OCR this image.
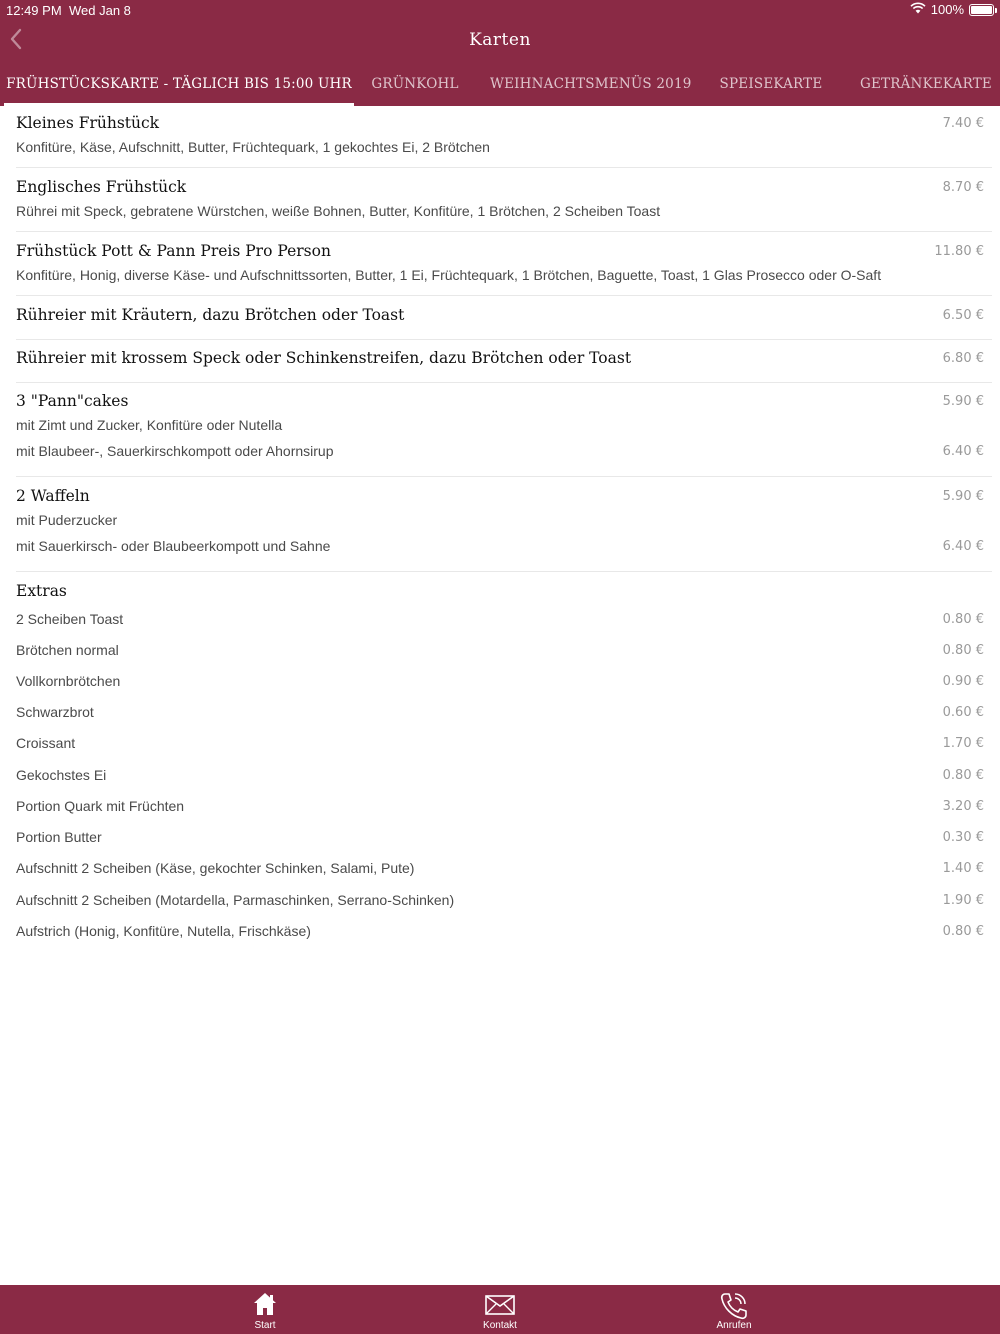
12:49 PM Wed Jan 8	100%
Karten
FRÜHSTÜCKSKARTE - TÄGLICH BIS 15:00 UHR	GRÜNKOHL	WEIHNACHTSMENÜS 2019	SPEISEKARTE	GETRÄNKEKARTE
Kleines Frühstück	7.40 €
Konfitüre, Käse, Aufschnitt, Butter, Früchtequark, 1 gekochtes Ei, 2 Brötchen
Englisches Frühstück	8.70 €
Rührei mit Speck, gebratene Würstchen, weiße Bohnen, Butter, Konfitüre, 1 Brötchen, 2 Scheiben Toast
Frühstück Pott & Pann Preis Pro Person	11.80 €
Konfitüre, Honig, diverse Käse- und Aufschnittssorten, Butter, 1 Ei, Früchtequark, 1 Brötchen, Baguette, Toast, 1 Glas Prosecco oder O-Saft
Rühreier mit Kräutern, dazu Brötchen oder Toast	6.50 €
Rühreier mit krossem Speck oder Schinkenstreifen, dazu Brötchen oder Toast	6.80 €
3 "Pann"cakes	5.90 €
mit Zimt und Zucker, Konfitüre oder Nutella
mit Blaubeer-, Sauerkirschkompott oder Ahornsirup	6.40 €
2 Waffeln	5.90 €
mit Puderzucker
mit Sauerkirsch- oder Blaubeerkompott und Sahne	6.40 €
Extras
2 Scheiben Toast	0.80 €
Brötchen normal	0.80 €
Vollkornbrötchen	0.90 €
Schwarzbrot	0.60 €
Croissant	1.70 €
Gekochstes Ei	0.80 €
Portion Quark mit Früchten	3.20 €
Portion Butter	0.30 €
Aufschnitt 2 Scheiben (Käse, gekochter Schinken, Salami, Pute)	1.40 €
Aufschnitt 2 Scheiben (Motardella, Parmaschinken, Serrano-Schinken)	1.90 €
Aufstrich (Honig, Konfitüre, Nutella, Frischkäse)	0.80 €
Start	Kontakt	Anrufen
